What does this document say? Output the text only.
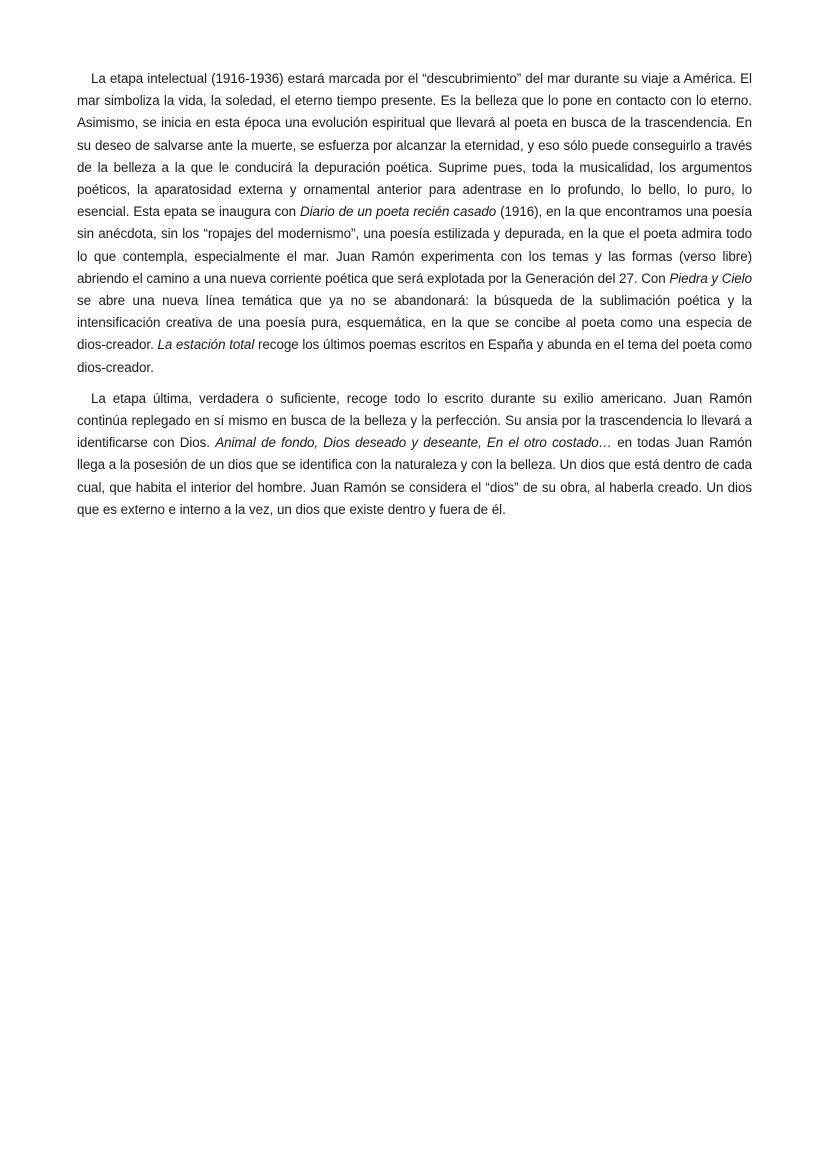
La etapa intelectual (1916-1936) estará marcada por el “descubrimiento” del mar durante su viaje a América. El mar simboliza la vida, la soledad, el eterno tiempo presente. Es la belleza que lo pone en contacto con lo eterno. Asimismo, se inicia en esta época una evolución espiritual que llevará al poeta en busca de la trascendencia. En su deseo de salvarse ante la muerte, se esfuerza por alcanzar la eternidad, y eso sólo puede conseguirlo a través de la belleza a la que le conducirá la depuración poética. Suprime pues, toda la musicalidad, los argumentos poéticos, la aparatosidad externa y ornamental anterior para adentrase en lo profundo, lo bello, lo puro, lo esencial. Esta epata se inaugura con Diario de un poeta recién casado (1916), en la que encontramos una poesía sin anécdota, sin los “ropajes del modernismo”, una poesía estilizada y depurada, en la que el poeta admira todo lo que contempla, especialmente el mar. Juan Ramón experimenta con los temas y las formas (verso libre) abriendo el camino a una nueva corriente poética que será explotada por la Generación del 27. Con Piedra y Cielo se abre una nueva línea temática que ya no se abandonará: la búsqueda de la sublimación poética y la intensificación creativa de una poesía pura, esquemática, en la que se concibe al poeta como una especia de dios-creador. La estación total recoge los últimos poemas escritos en España y abunda en el tema del poeta como dios-creador.

La etapa última, verdadera o suficiente, recoge todo lo escrito durante su exilio americano. Juan Ramón continúa replegado en sí mismo en busca de la belleza y la perfección. Su ansia por la trascendencia lo llevará a identificarse con Dios. Animal de fondo, Dios deseado y deseante, En el otro costado… en todas Juan Ramón llega a la posesión de un dios que se identifica con la naturaleza y con la belleza. Un dios que está dentro de cada cual, que habita el interior del hombre. Juan Ramón se considera el “dios” de su obra, al haberla creado. Un dios que es externo e interno a la vez, un dios que existe dentro y fuera de él.
